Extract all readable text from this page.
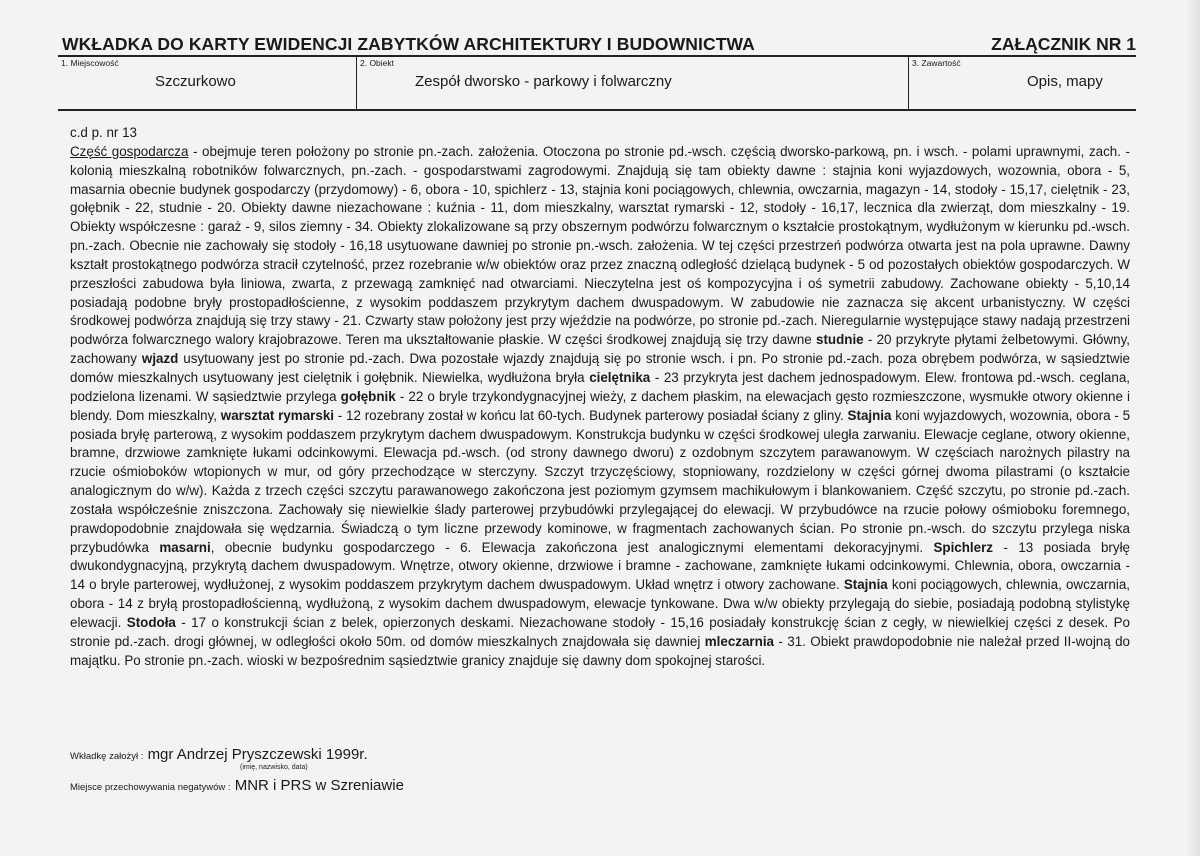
WKŁADKA DO KARTY EWIDENCJI ZABYTKÓW ARCHITEKTURY I BUDOWNICTWA	ZAŁĄCZNIK NR 1
1. Miejscowość
Szczurkowo
2. Obiekt
Zespół dworsko - parkowy i folwarczny
3. Zawartość
Opis, mapy

c.d p. nr 13

Część gospodarcza - obejmuje teren położony po stronie pn.-zach. założenia. Otoczona po stronie pd.-wsch. częścią dworsko-parkową, pn. i wsch. - polami uprawnymi, zach. - kolonią mieszkalną robotników folwarcznych, pn.-zach. - gospodarstwami zagrodowymi. Znajdują się tam obiekty dawne : stajnia koni wyjazdowych, wozownia, obora - 5, masarnia obecnie budynek gospodarczy (przydomowy) - 6, obora - 10, spichlerz - 13, stajnia koni pociągowych, chlewnia, owczarnia, magazyn - 14, stodoły - 15,17, cielętnik - 23, gołębnik - 22, studnie - 20. Obiekty dawne niezachowane : kuźnia - 11, dom mieszkalny, warsztat rymarski - 12, stodoły - 16,17, lecznica dla zwierząt, dom mieszkalny - 19. Obiekty współczesne : garaż - 9, silos ziemny - 34. Obiekty zlokalizowane są przy obszernym podwórzu folwarcznym o kształcie prostokątnym, wydłużonym w kierunku pd.-wsch. pn.-zach. Obecnie nie zachowały się stodoły - 16,18 usytuowane dawniej po stronie pn.-wsch. założenia. W tej części przestrzeń podwórza otwarta jest na pola uprawne. Dawny kształt prostokątnego podwórza stracił czytelność, przez rozebranie w/w obiektów oraz przez znaczną odległość dzielącą budynek - 5 od pozostałych obiektów gospodarczych. W przeszłości zabudowa była liniowa, zwarta, z przewagą zamknięć nad otwarciami. Nieczytelna jest oś kompozycyjna i oś symetrii zabudowy. Zachowane obiekty - 5,10,14 posiadają podobne bryły prostopadłościenne, z wysokim poddaszem przykrytym dachem dwuspadowym. W zabudowie nie zaznacza się akcent urbanistyczny. W części środkowej podwórza znajdują się trzy stawy - 21. Czwarty staw położony jest przy wjeździe na podwórze, po stronie pd.-zach. Nieregularnie występujące stawy nadają przestrzeni podwórza folwarcznego walory krajobrazowe. Teren ma ukształtowanie płaskie. W części środkowej znajdują się trzy dawne studnie - 20 przykryte płytami żelbetowymi. Główny, zachowany wjazd usytuowany jest po stronie pd.-zach. Dwa pozostałe wjazdy znajdują się po stronie wsch. i pn. Po stronie pd.-zach. poza obrębem podwórza, w sąsiedztwie domów mieszkalnych usytuowany jest cielętnik i gołębnik. Niewielka, wydłużona bryła cielętnika - 23 przykryta jest dachem jednospadowym. Elew. frontowa pd.-wsch. ceglana, podzielona lizenami. W sąsiedztwie przylega gołębnik - 22 o bryle trzykondygnacyjnej wieży, z dachem płaskim, na elewacjach gęsto rozmieszczone, wysmukłe otwory okienne i blendy. Dom mieszkalny, warsztat rymarski - 12 rozebrany został w końcu lat 60-tych. Budynek parterowy posiadał ściany z gliny. Stajnia koni wyjazdowych, wozownia, obora - 5 posiada bryłę parterową, z wysokim poddaszem przykrytym dachem dwuspadowym. Konstrukcja budynku w części środkowej uległa zarwaniu. Elewacje ceglane, otwory okienne, bramne, drzwiowe zamknięte łukami odcinkowymi. Elewacja pd.-wsch. (od strony dawnego dworu) z ozdobnym szczytem parawanowym. W częściach narożnych pilastry na rzucie ośmioboków wtopionych w mur, od góry przechodzące w sterczyny. Szczyt trzyczęściowy, stopniowany, rozdzielony w części górnej dwoma pilastrami (o kształcie analogicznym do w/w). Każda z trzech części szczytu parawanowego zakończona jest poziomym gzymsem machikułowym i blankowaniem. Część szczytu, po stronie pd.-zach. została współcześnie zniszczona. Zachowały się niewielkie ślady parterowej przybudówki przylegającej do elewacji. W przybudówce na rzucie połowy ośmioboku foremnego, prawdopodobnie znajdowała się wędzarnia. Świadczą o tym liczne przewody kominowe, w fragmentach zachowanych ścian. Po stronie pn.-wsch. do szczytu przylega niska przybudówka masarni, obecnie budynku gospodarczego - 6. Elewacja zakończona jest analogicznymi elementami dekoracyjnymi. Spichlerz - 13 posiada bryłę dwukondygnacyjną, przykrytą dachem dwuspadowym. Wnętrze, otwory okienne, drzwiowe i bramne - zachowane, zamknięte łukami odcinkowymi. Chlewnia, obora, owczarnia - 14 o bryle parterowej, wydłużonej, z wysokim poddaszem przykrytym dachem dwuspadowym. Układ wnętrz i otwory zachowane. Stajnia koni pociągowych, chlewnia, owczarnia, obora - 14 z bryłą prostopadłościenną, wydłużoną, z wysokim dachem dwuspadowym, elewacje tynkowane. Dwa w/w obiekty przylegają do siebie, posiadają podobną stylistykę elewacji. Stodoła - 17 o konstrukcji ścian z belek, opierzonych deskami. Niezachowane stodoły - 15,16 posiadały konstrukcję ścian z cegły, w niewielkiej części z desek. Po stronie pd.-zach. drogi głównej, w odległości około 50m. od domów mieszkalnych znajdowała się dawniej mleczarnia - 31. Obiekt prawdopodobnie nie należał przed II-wojną do majątku. Po stronie pn.-zach. wioski w bezpośrednim sąsiedztwie granicy znajduje się dawny dom spokojnej starości.

Wkładkę założył : mgr Andrzej Pryszczewski 1999r.
(imię, nazwisko, data)
Miejsce przechowywania negatywów : MNR i PRS w Szreniawie
